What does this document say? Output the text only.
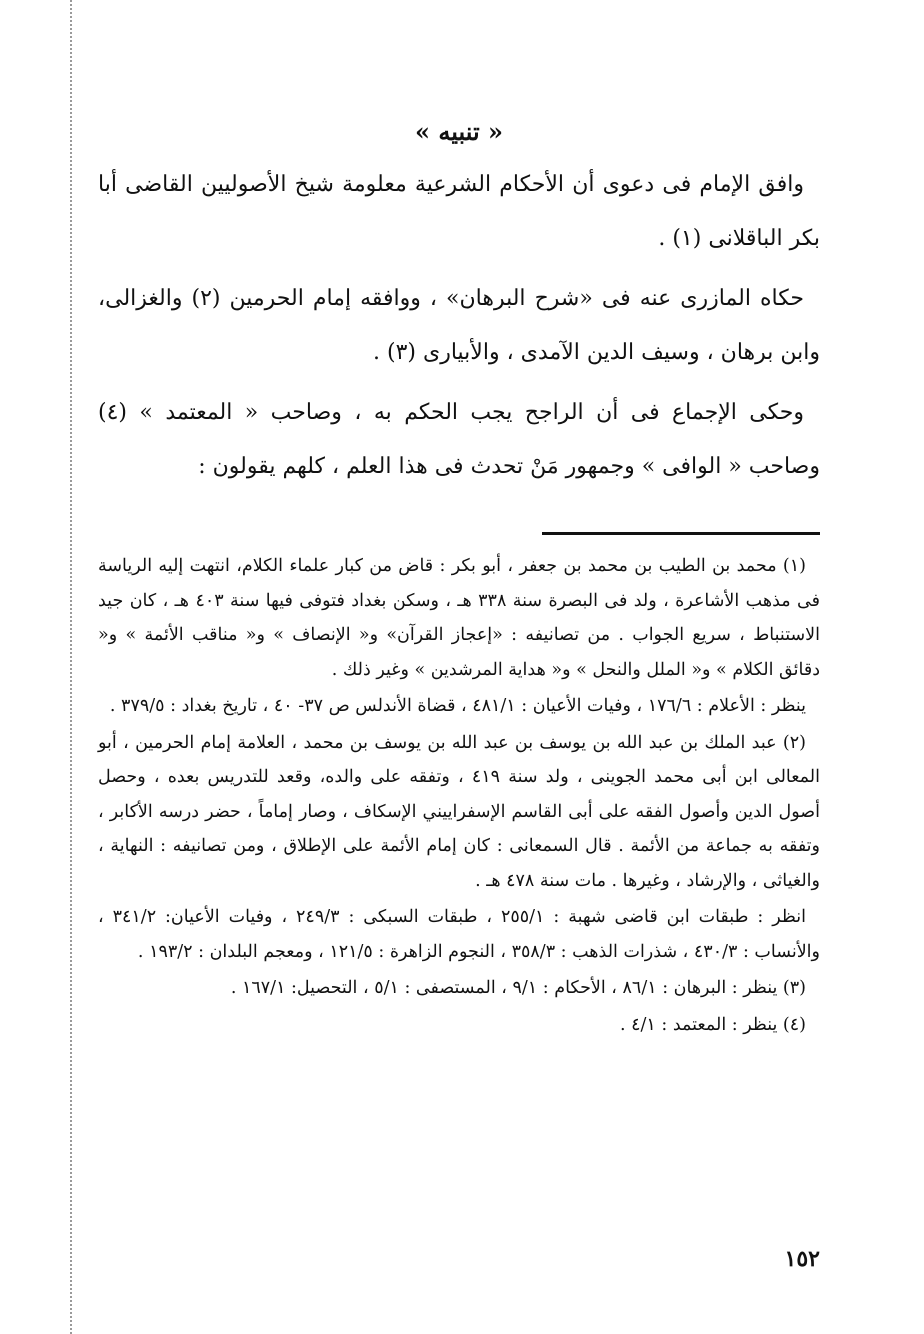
« تنبيه »

وافق الإمام فى دعوى أن الأحكام الشرعية معلومة شيخ الأصوليين القاضى أبا بكر الباقلانى (١) .

حكاه المازرى عنه فى «شرح البرهان» ، ووافقه إمام الحرمين (٢) والغزالى، وابن برهان ، وسيف الدين الآمدى ، والأبيارى (٣) .

وحكى الإجماع فى أن الراجح يجب الحكم به ، وصاحب « المعتمد » (٤) وصاحب « الوافى » وجمهور مَنْ تحدث فى هذا العلم ، كلهم يقولون :

(١) محمد بن الطيب بن محمد بن جعفر ، أبو بكر : قاض من كبار علماء الكلام، انتهت إليه الرياسة فى مذهب الأشاعرة ، ولد فى البصرة سنة ٣٣٨ هـ ، وسكن بغداد فتوفى فيها سنة ٤٠٣ هـ ، كان جيد الاستنباط ، سريع الجواب . من تصانيفه : «إعجاز القرآن» و« الإنصاف » و« مناقب الأئمة » و« دقائق الكلام » و« الملل والنحل » و« هداية المرشدين » وغير ذلك .

ينظر : الأعلام : ١٧٦/٦ ، وفيات الأعيان : ٤٨١/١ ، قضاة الأندلس ص ٣٧- ٤٠ ، تاريخ بغداد : ٣٧٩/٥ .

(٢) عبد الملك بن عبد الله بن يوسف بن عبد الله بن يوسف بن محمد ، العلامة إمام الحرمين ، أبو المعالى ابن أبى محمد الجوينى ، ولد سنة ٤١٩ ، وتفقه على والده، وقعد للتدريس بعده ، وحصل أصول الدين وأصول الفقه على أبى القاسم الإسفراييني الإسكاف ، وصار إماماً ، حضر درسه الأكابر ، وتفقه به جماعة من الأئمة . قال السمعانى : كان إمام الأئمة على الإطلاق ، ومن تصانيفه : النهاية ، والغياثى ، والإرشاد ، وغيرها . مات سنة ٤٧٨ هـ .

انظر : طبقات ابن قاضى شهبة : ٢٥٥/١ ، طبقات السبكى : ٢٤٩/٣ ، وفيات الأعيان: ٣٤١/٢ ، والأنساب : ٤٣٠/٣ ، شذرات الذهب : ٣٥٨/٣ ، النجوم الزاهرة : ١٢١/٥ ، ومعجم البلدان : ١٩٣/٢ .

(٣) ينظر : البرهان : ٨٦/١ ، الأحكام : ٩/١ ، المستصفى : ٥/١ ، التحصيل: ١٦٧/١ .

(٤) ينظر : المعتمد : ٤/١ .

١٥٢
